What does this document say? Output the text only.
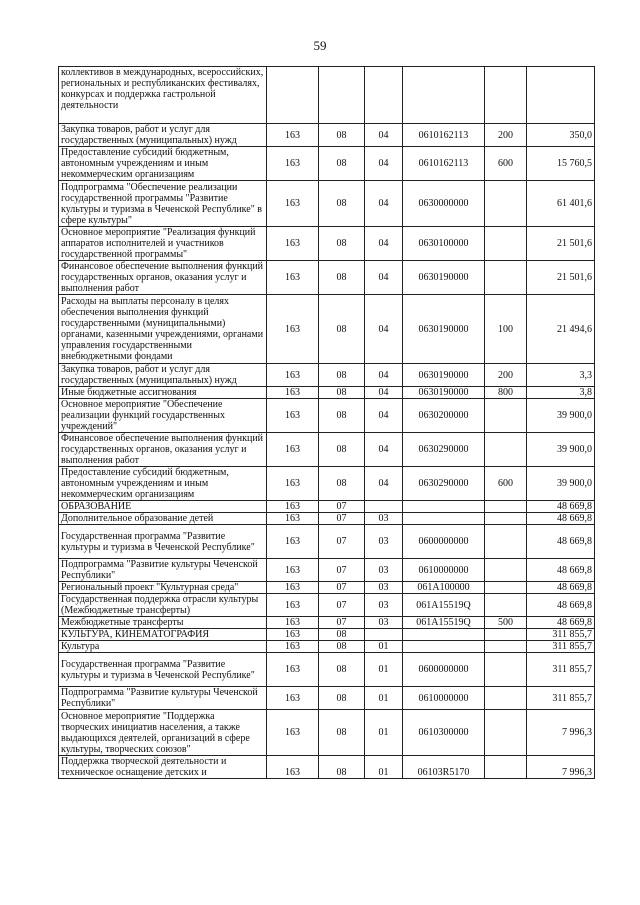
59
коллективов в международных, всероссийских, региональных и республиканских фестивалях, конкурсах и поддержка гастрольной деятельности						
Закупка товаров, работ и услуг для государственных (муниципальных) нужд	163	08	04	0610162113	200	350,0
Предоставление субсидий бюджетным, автономным учреждениям и иным некоммерческим организациям	163	08	04	0610162113	600	15 760,5
Подпрограмма "Обеспечение реализации государственной программы "Развитие культуры и туризма в Чеченской Республике" в сфере культуры"	163	08	04	0630000000		61 401,6
Основное мероприятие "Реализация функций аппаратов исполнителей и участников государственной программы"	163	08	04	0630100000		21 501,6
Финансовое обеспечение выполнения функций государственных органов, оказания услуг и выполнения работ	163	08	04	0630190000		21 501,6
Расходы на выплаты персоналу в целях обеспечения выполнения функций государственными (муниципальными) органами, казенными учреждениями, органами управления государственными внебюджетными фондами	163	08	04	0630190000	100	21 494,6
Закупка товаров, работ и услуг для государственных (муниципальных) нужд	163	08	04	0630190000	200	3,3
Иные бюджетные ассигнования	163	08	04	0630190000	800	3,8
Основное мероприятие "Обеспечение реализации функций государственных учреждений"	163	08	04	0630200000		39 900,0
Финансовое обеспечение выполнения функций государственных органов, оказания услуг и выполнения работ	163	08	04	0630290000		39 900,0
Предоставление субсидий бюджетным, автономным учреждениям и иным некоммерческим организациям	163	08	04	0630290000	600	39 900,0
ОБРАЗОВАНИЕ	163	07				48 669,8
Дополнительное образование детей	163	07	03			48 669,8
Государственная программа "Развитие культуры и туризма в Чеченской Республике"	163	07	03	0600000000		48 669,8
Подпрограмма "Развитие культуры Чеченской Республики"	163	07	03	0610000000		48 669,8
Региональный проект "Культурная среда"	163	07	03	061A100000		48 669,8
Государственная поддержка отрасли культуры (Межбюджетные трансферты)	163	07	03	061A15519Q		48 669,8
Межбюджетные трансферты	163	07	03	061A15519Q	500	48 669,8
КУЛЬТУРА, КИНЕМАТОГРАФИЯ	163	08				311 855,7
Культура	163	08	01			311 855,7
Государственная программа "Развитие культуры и туризма в Чеченской Республике"	163	08	01	0600000000		311 855,7
Подпрограмма "Развитие культуры Чеченской Республики"	163	08	01	0610000000		311 855,7
Основное мероприятие "Поддержка творческих инициатив населения, а также выдающихся деятелей, организаций в сфере культуры, творческих союзов"	163	08	01	0610300000		7 996,3
Поддержка творческой деятельности и техническое оснащение детских и	163	08	01	06103R5170		7 996,3
